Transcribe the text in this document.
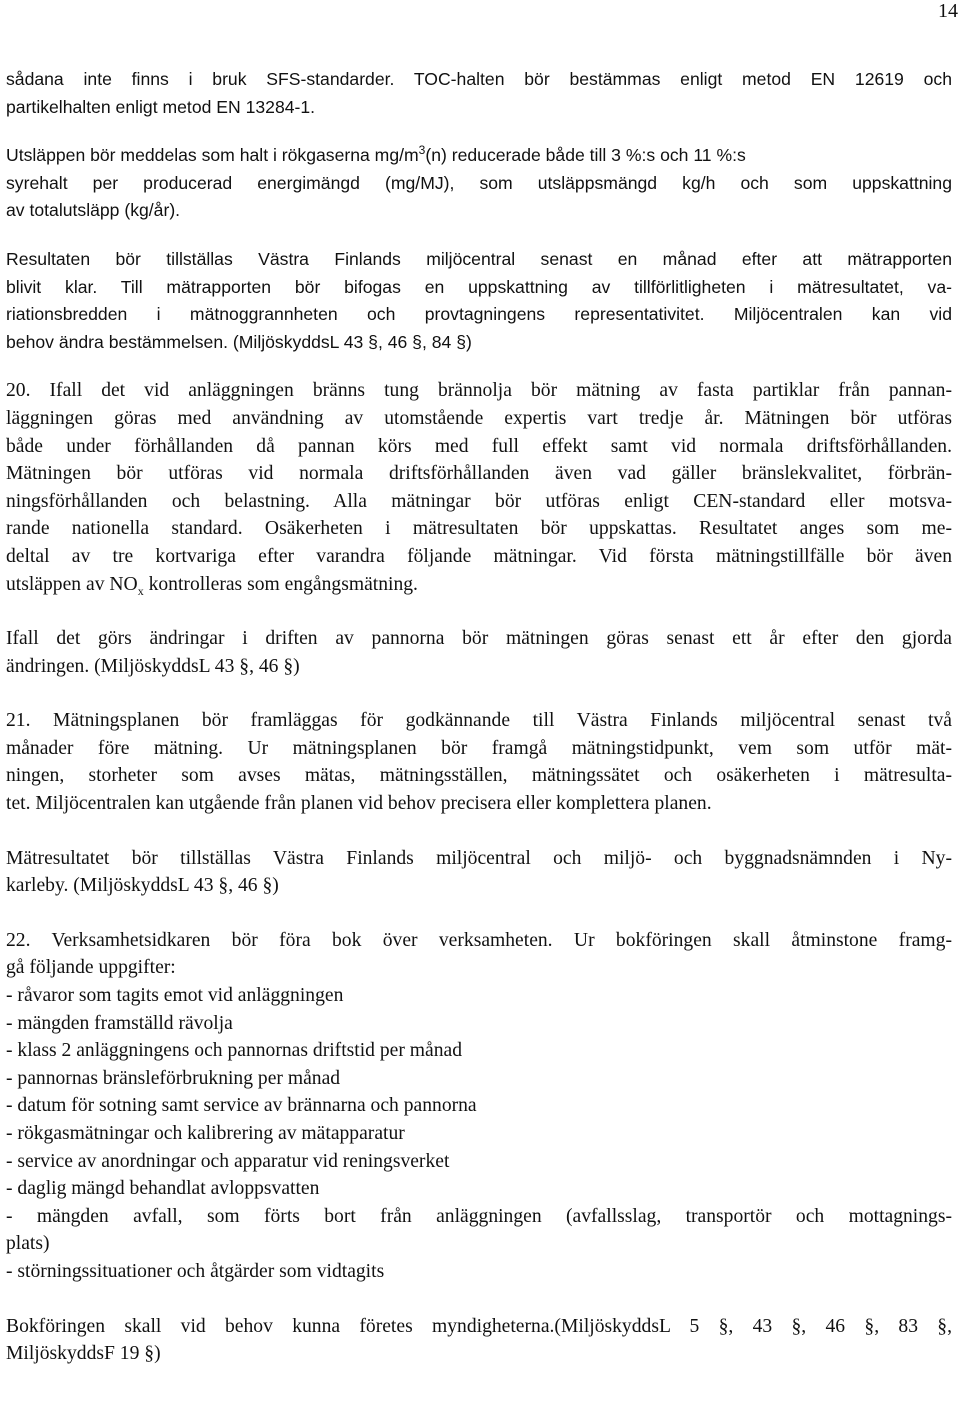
14

sådana inte finns i bruk SFS-standarder. TOC-halten bör bestämmas enligt metod EN 12619 och
partikelhalten enligt metod EN 13284-1.

Utsläppen bör meddelas som halt i rökgaserna $mg/m^3(n)$ reducerade både till 3 %:s och 11 %:s
syrehalt per producerad energimängd (mg/MJ), som utsläppsmängd kg/h och som uppskattning
av totalutsläpp (kg/år).

Resultaten bör tillställas Västra Finlands miljöcentral senast en månad efter att mätrapporten
blivit klar. Till mätrapporten bör bifogas en uppskattning av tillförlitligheten i mätresultatet, va-
riationsbredden i mätnoggrannheten och provtagningens representativitet. Miljöcentralen kan vid
behov ändra bestämmelsen. (MiljöskyddsL 43 §, 46 §, 84 §)

20. Ifall det vid anläggningen bränns tung brännolja bör mätning av fasta partiklar från pannan-
läggningen göras med användning av utomstående expertis vart tredje år. Mätningen bör utföras
både under förhållanden då pannan körs med full effekt samt vid normala driftsförhållanden.
Mätningen bör utföras vid normala driftsförhållanden även vad gäller bränslekvalitet, förbrän-
ningsförhållanden och belastning. Alla mätningar bör utföras enligt CEN-standard eller motsva-
rande nationella standard. Osäkerheten i mätresultaten bör uppskattas. Resultatet anges som me-
deltal av tre kortvariga efter varandra följande mätningar. Vid första mätningstillfälle bör även
utsläppen av $NO_x$ kontrolleras som engångsmätning.

Ifall det görs ändringar i driften av pannorna bör mätningen göras senast ett år efter den gjorda
ändringen. (MiljöskyddsL 43 §, 46 §)

21. Mätningsplanen bör framläggas för godkännande till Västra Finlands miljöcentral senast två
månader före mätning. Ur mätningsplanen bör framgå mätningstidpunkt, vem som utför mät-
ningen, storheter som avses mätas, mätningsställen, mätningssätet och osäkerheten i mätresulta-
tet. Miljöcentralen kan utgående från planen vid behov precisera eller komplettera planen.

Mätresultatet bör tillställas Västra Finlands miljöcentral och miljö- och byggnadsnämnden i Ny-
karleby. (MiljöskyddsL 43 §, 46 §)

22. Verksamhetsidkaren bör föra bok över verksamheten. Ur bokföringen skall åtminstone framg-
gå följande uppgifter:
- råvaror som tagits emot vid anläggningen
- mängden framställd rävolja
- klass 2 anläggningens och pannornas driftstid per månad
- pannornas bränsleförbrukning per månad
- datum för sotning samt service av brännarna och pannorna
- rökgasmätningar och kalibrering av mätapparatur
- service av anordningar och apparatur vid reningsverket
- daglig mängd behandlat avloppsvatten
- mängden avfall, som förts bort från anläggningen (avfallsslag, transportör och mottagnings-
plats)
- störningssituationer och åtgärder som vidtagits

Bokföringen skall vid behov kunna företes myndigheterna.(MiljöskyddsL 5 §, 43 §, 46 §, 83 §,
MiljöskyddsF 19 §)
